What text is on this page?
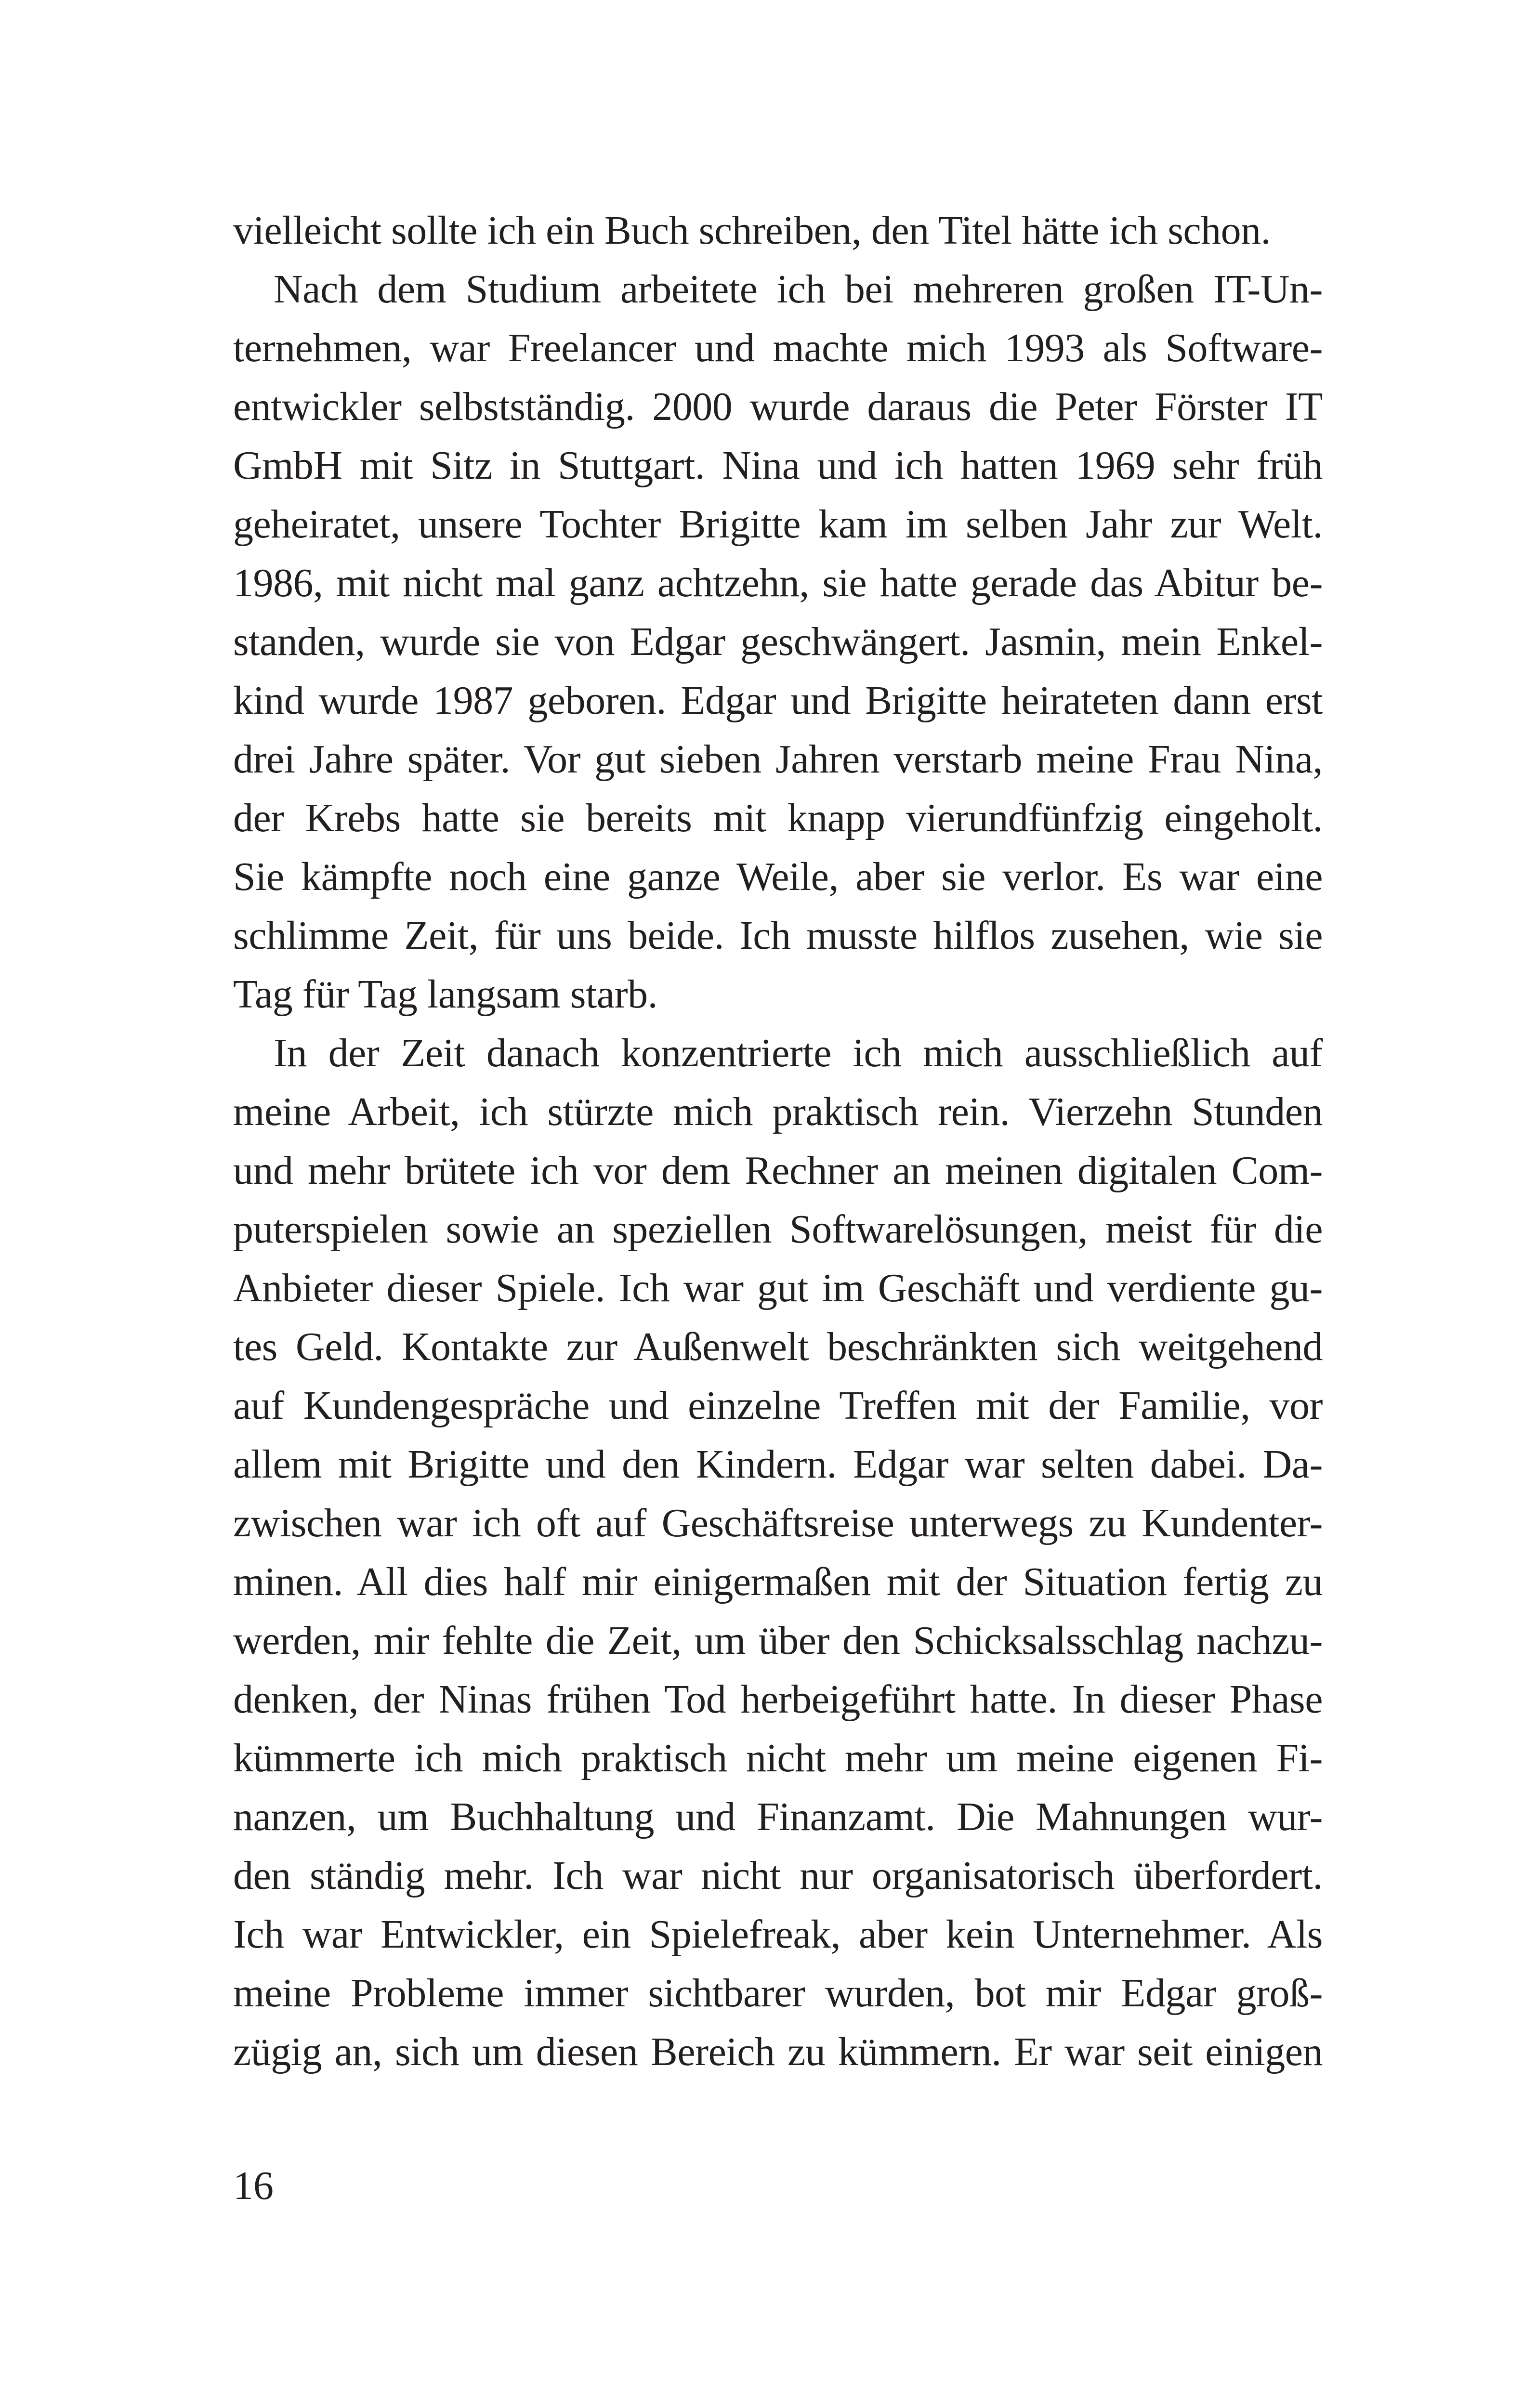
vielleicht sollte ich ein Buch schreiben, den Titel hätte ich schon.
Nach dem Studium arbeitete ich bei mehreren großen IT-Un-
ternehmen, war Freelancer und machte mich 1993 als Software-
entwickler selbstständig. 2000 wurde daraus die Peter Förster IT
GmbH mit Sitz in Stuttgart. Nina und ich hatten 1969 sehr früh
geheiratet, unsere Tochter Brigitte kam im selben Jahr zur Welt.
1986, mit nicht mal ganz achtzehn, sie hatte gerade das Abitur be-
standen, wurde sie von Edgar geschwängert. Jasmin, mein Enkel-
kind wurde 1987 geboren. Edgar und Brigitte heirateten dann erst
drei Jahre später. Vor gut sieben Jahren verstarb meine Frau Nina,
der Krebs hatte sie bereits mit knapp vierundfünfzig eingeholt.
Sie kämpfte noch eine ganze Weile, aber sie verlor. Es war eine
schlimme Zeit, für uns beide. Ich musste hilflos zusehen, wie sie
Tag für Tag langsam starb.
In der Zeit danach konzentrierte ich mich ausschließlich auf
meine Arbeit, ich stürzte mich praktisch rein. Vierzehn Stunden
und mehr brütete ich vor dem Rechner an meinen digitalen Com-
puterspielen sowie an speziellen Softwarelösungen, meist für die
Anbieter dieser Spiele. Ich war gut im Geschäft und verdiente gu-
tes Geld. Kontakte zur Außenwelt beschränkten sich weitgehend
auf Kundengespräche und einzelne Treffen mit der Familie, vor
allem mit Brigitte und den Kindern. Edgar war selten dabei. Da-
zwischen war ich oft auf Geschäftsreise unterwegs zu Kundenter-
minen. All dies half mir einigermaßen mit der Situation fertig zu
werden, mir fehlte die Zeit, um über den Schicksalsschlag nachzu-
denken, der Ninas frühen Tod herbeigeführt hatte. In dieser Phase
kümmerte ich mich praktisch nicht mehr um meine eigenen Fi-
nanzen, um Buchhaltung und Finanzamt. Die Mahnungen wur-
den ständig mehr. Ich war nicht nur organisatorisch überfordert.
Ich war Entwickler, ein Spielefreak, aber kein Unternehmer. Als
meine Probleme immer sichtbarer wurden, bot mir Edgar groß-
zügig an, sich um diesen Bereich zu kümmern. Er war seit einigen
16
